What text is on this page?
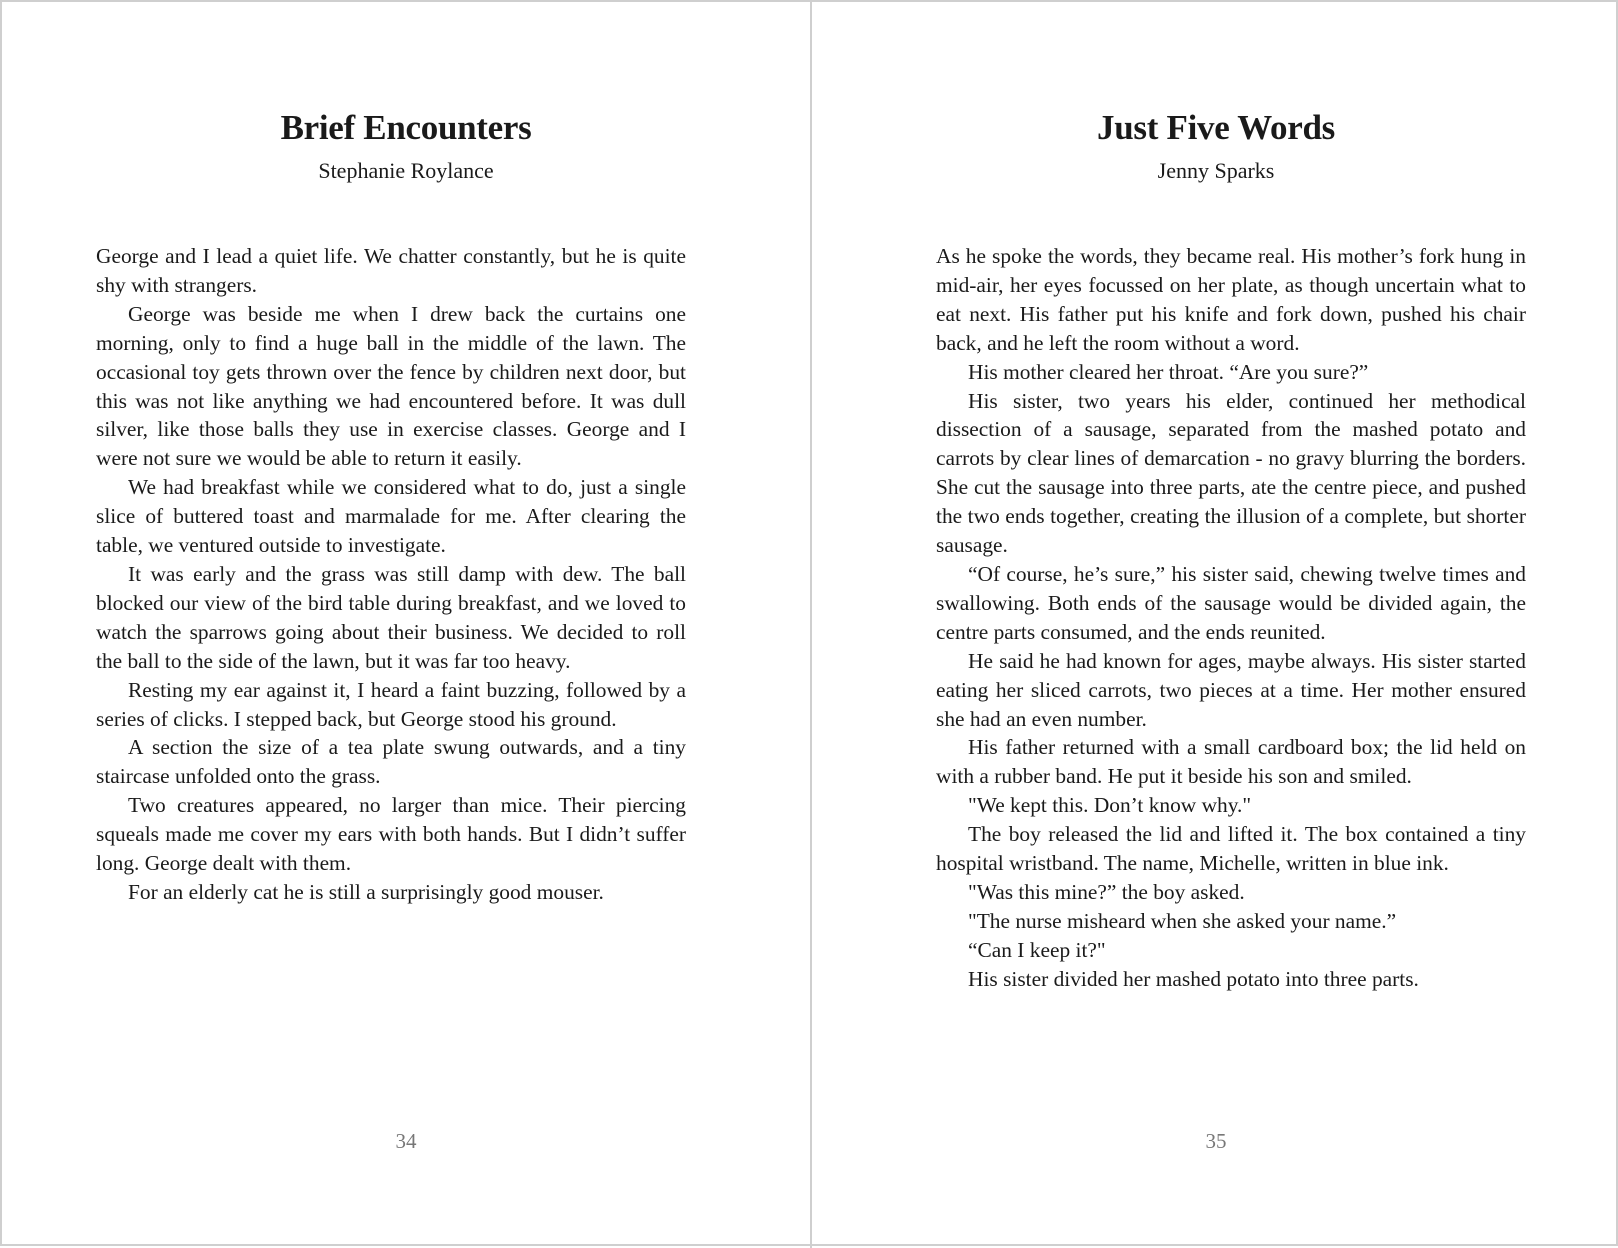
Brief Encounters
Stephanie Roylance

George and I lead a quiet life. We chatter constantly, but he is quite shy with strangers.

George was beside me when I drew back the curtains one morning, only to find a huge ball in the middle of the lawn. The occasional toy gets thrown over the fence by children next door, but this was not like anything we had encountered before. It was dull silver, like those balls they use in exercise classes. George and I were not sure we would be able to return it easily.

We had breakfast while we considered what to do, just a single slice of buttered toast and marmalade for me. After clearing the table, we ventured outside to investigate.

It was early and the grass was still damp with dew. The ball blocked our view of the bird table during breakfast, and we loved to watch the sparrows going about their business. We decided to roll the ball to the side of the lawn, but it was far too heavy.

Resting my ear against it, I heard a faint buzzing, followed by a series of clicks. I stepped back, but George stood his ground.

A section the size of a tea plate swung outwards, and a tiny staircase unfolded onto the grass.

Two creatures appeared, no larger than mice. Their piercing squeals made me cover my ears with both hands. But I didn’t suffer long. George dealt with them.

For an elderly cat he is still a surprisingly good mouser.

34
Just Five Words
Jenny Sparks

As he spoke the words, they became real. His mother’s fork hung in mid-air, her eyes focussed on her plate, as though uncertain what to eat next. His father put his knife and fork down, pushed his chair back, and he left the room without a word.

His mother cleared her throat. “Are you sure?”

His sister, two years his elder, continued her methodical dissection of a sausage, separated from the mashed potato and carrots by clear lines of demarcation - no gravy blurring the borders. She cut the sausage into three parts, ate the centre piece, and pushed the two ends together, creating the illusion of a complete, but shorter sausage.

“Of course, he’s sure,” his sister said, chewing twelve times and swallowing. Both ends of the sausage would be divided again, the centre parts consumed, and the ends reunited.

He said he had known for ages, maybe always. His sister started eating her sliced carrots, two pieces at a time. Her mother ensured she had an even number.

His father returned with a small cardboard box; the lid held on with a rubber band. He put it beside his son and smiled.

"We kept this. Don’t know why."

The boy released the lid and lifted it. The box contained a tiny hospital wristband. The name, Michelle, written in blue ink.

"Was this mine?” the boy asked.

"The nurse misheard when she asked your name.”

“Can I keep it?"

His sister divided her mashed potato into three parts.

35
